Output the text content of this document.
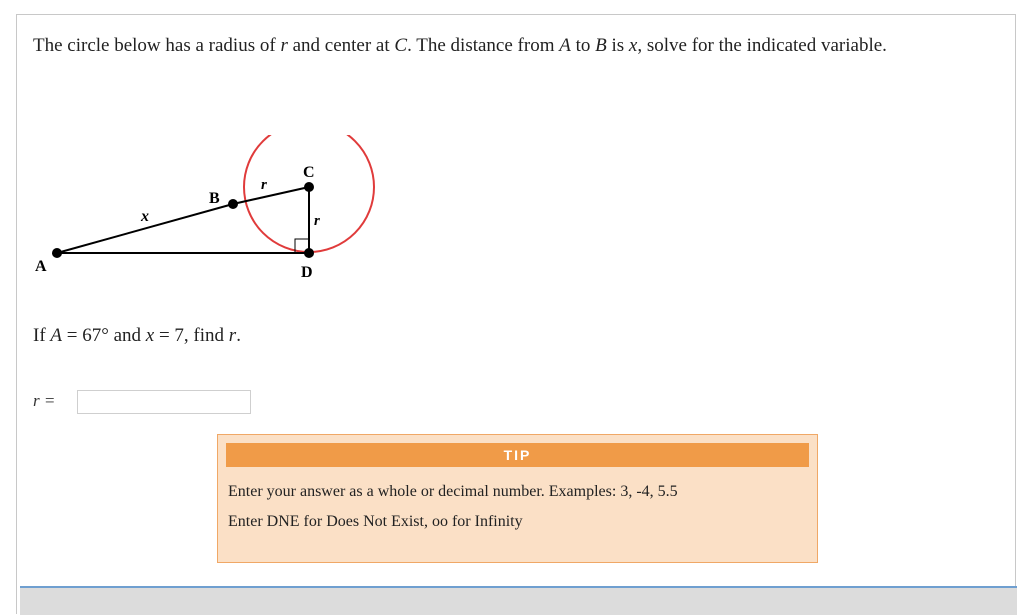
The circle below has a radius of r and center at C. The distance from A to B is x, solve for the indicated variable.
A
B
C
D
x
r
r
If A = 67° and x = 7, find r.
r =
TIP
Enter your answer as a whole or decimal number. Examples: 3, -4, 5.5
Enter DNE for Does Not Exist, oo for Infinity
